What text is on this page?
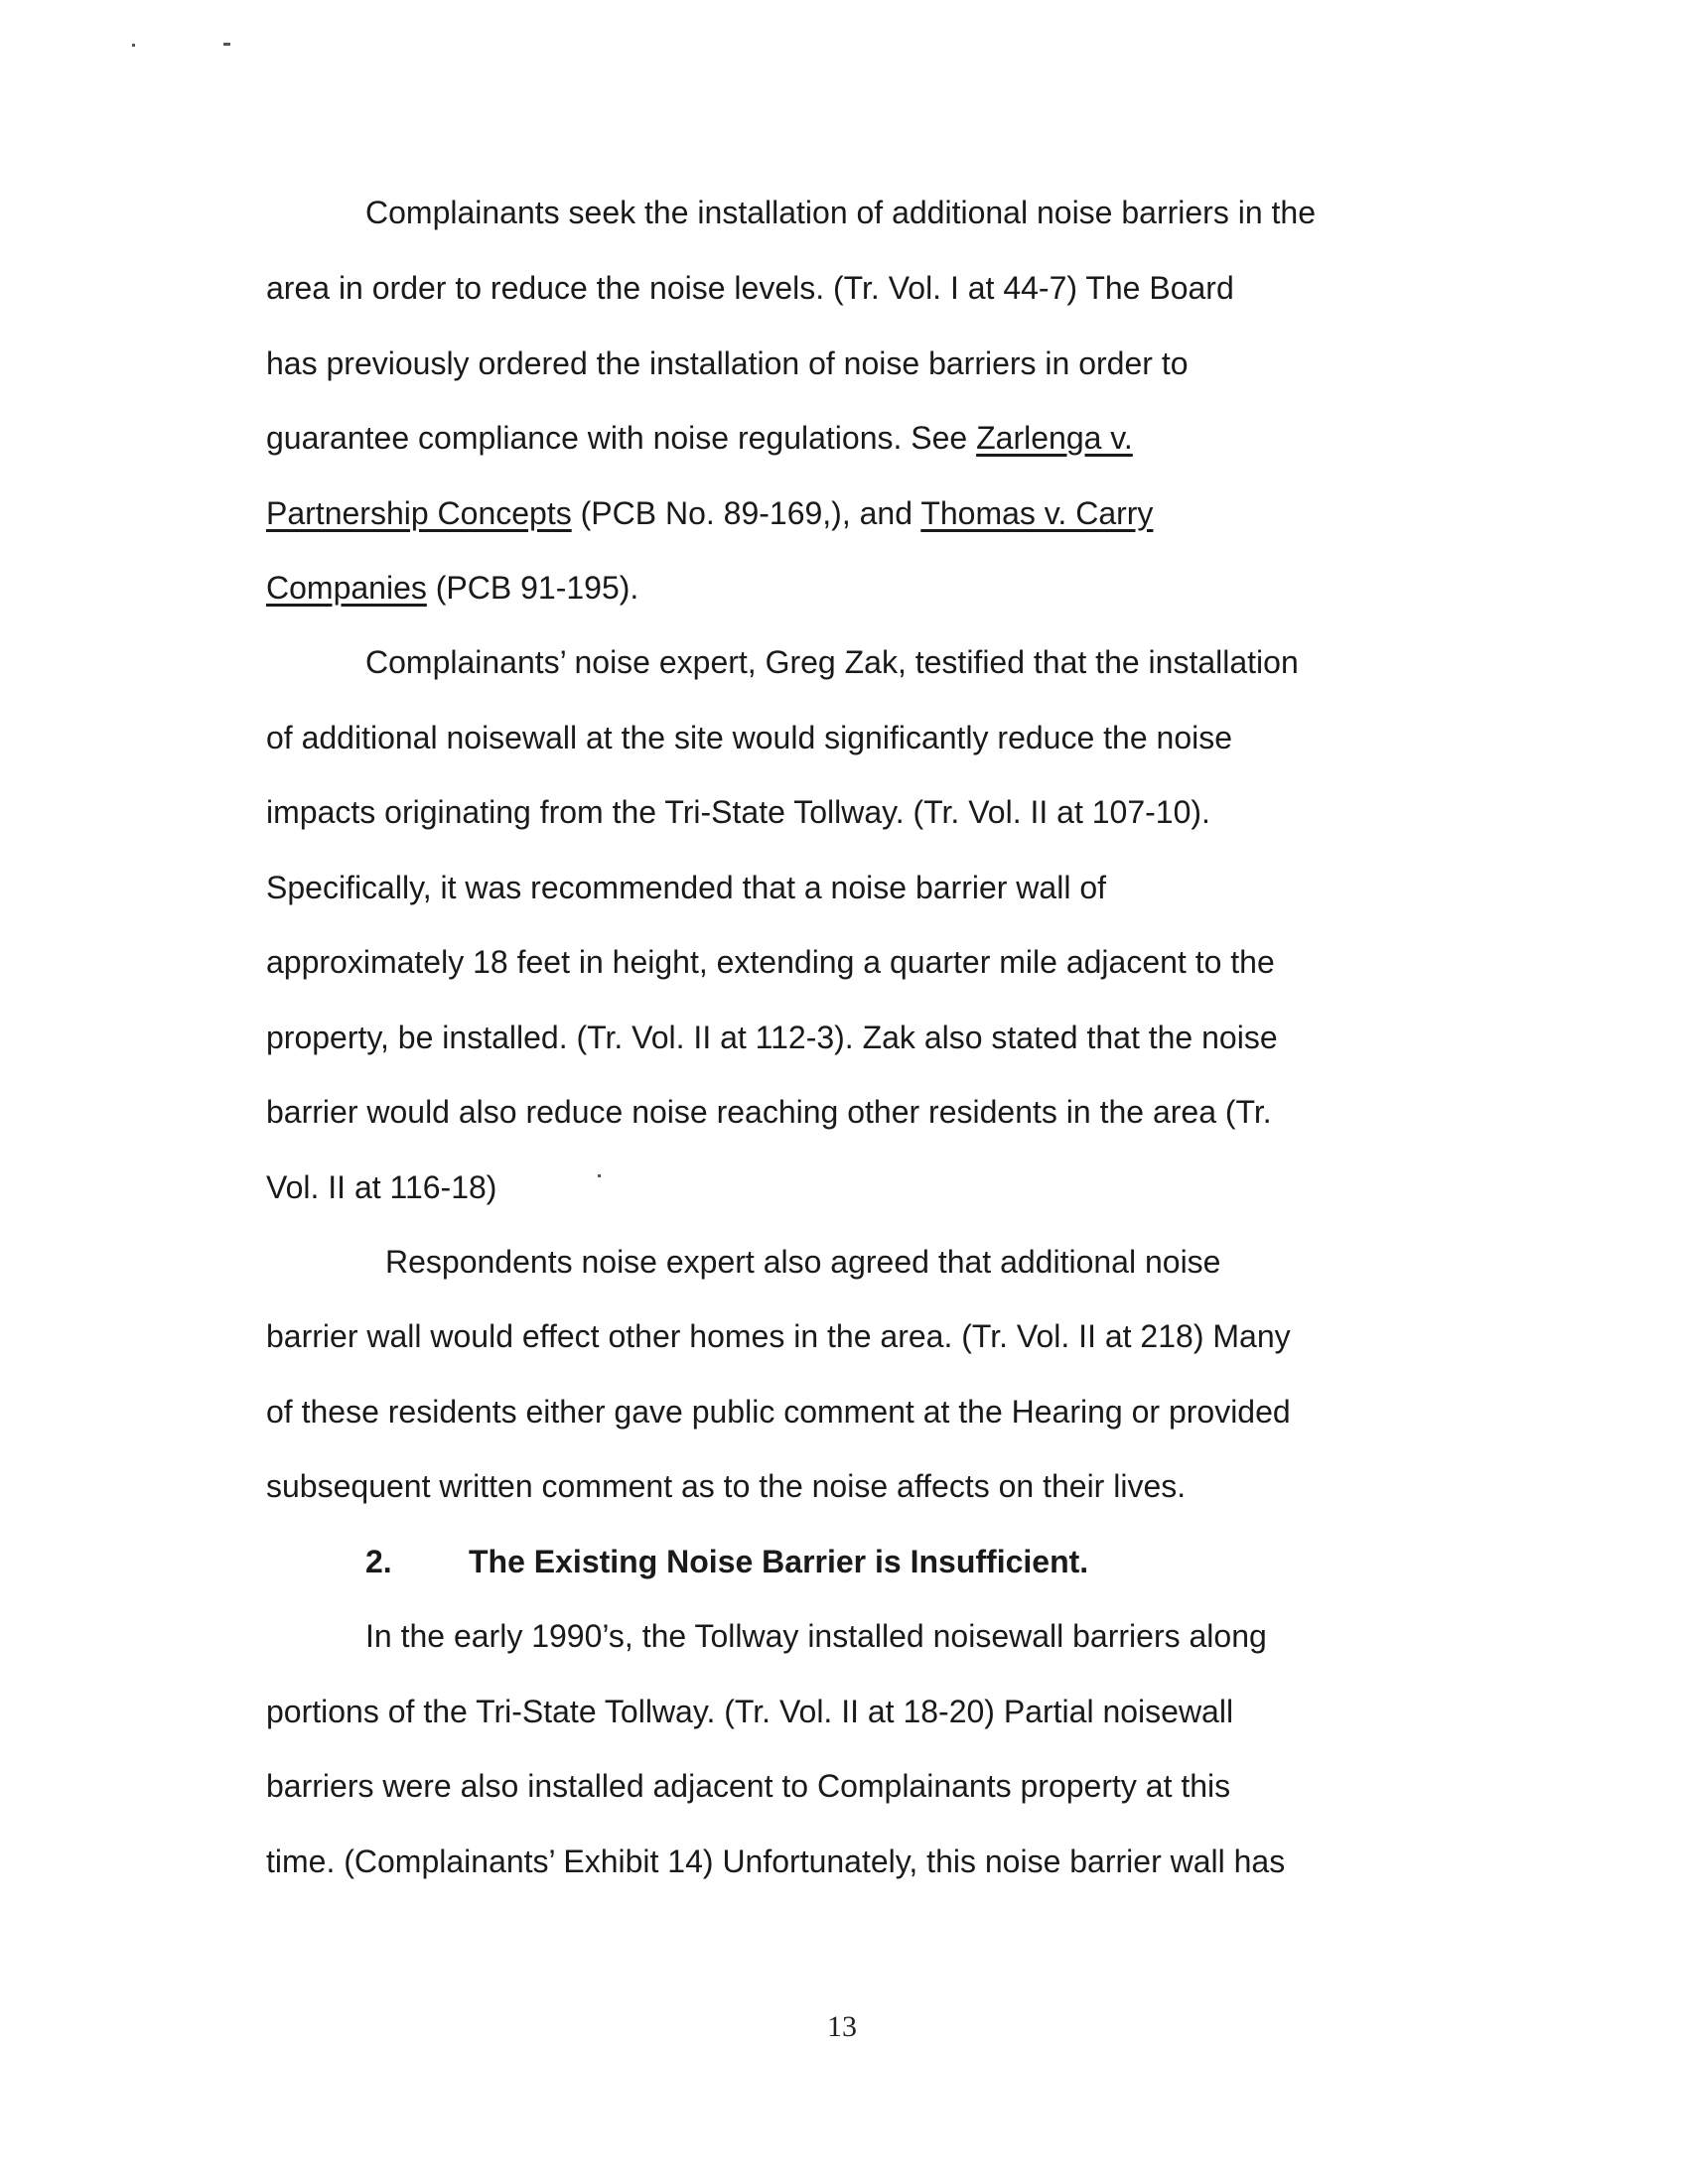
Complainants seek the installation of additional noise barriers in the
area in order to reduce the noise levels. (Tr. Vol. I at 44-7) The Board
has previously ordered the installation of noise barriers in order to
guarantee compliance with noise regulations. See Zarlenga v.
Partnership Concepts (PCB No. 89-169,), and Thomas v. Carry
Companies (PCB 91-195).
Complainants’ noise expert, Greg Zak, testified that the installation
of additional noisewall at the site would significantly reduce the noise
impacts originating from the Tri-State Tollway. (Tr. Vol. II at 107-10).
Specifically, it was recommended that a noise barrier wall of
approximately 18 feet in height, extending a quarter mile adjacent to the
property, be installed. (Tr. Vol. II at 112-3). Zak also stated that the noise
barrier would also reduce noise reaching other residents in the area (Tr.
Vol. II at 116-18)
Respondents noise expert also agreed that additional noise
barrier wall would effect other homes in the area. (Tr. Vol. II at 218) Many
of these residents either gave public comment at the Hearing or provided
subsequent written comment as to the noise affects on their lives.
2. The Existing Noise Barrier is Insufficient.
In the early 1990’s, the Tollway installed noisewall barriers along
portions of the Tri-State Tollway. (Tr. Vol. II at 18-20) Partial noisewall
barriers were also installed adjacent to Complainants property at this
time. (Complainants’ Exhibit 14) Unfortunately, this noise barrier wall has
13
